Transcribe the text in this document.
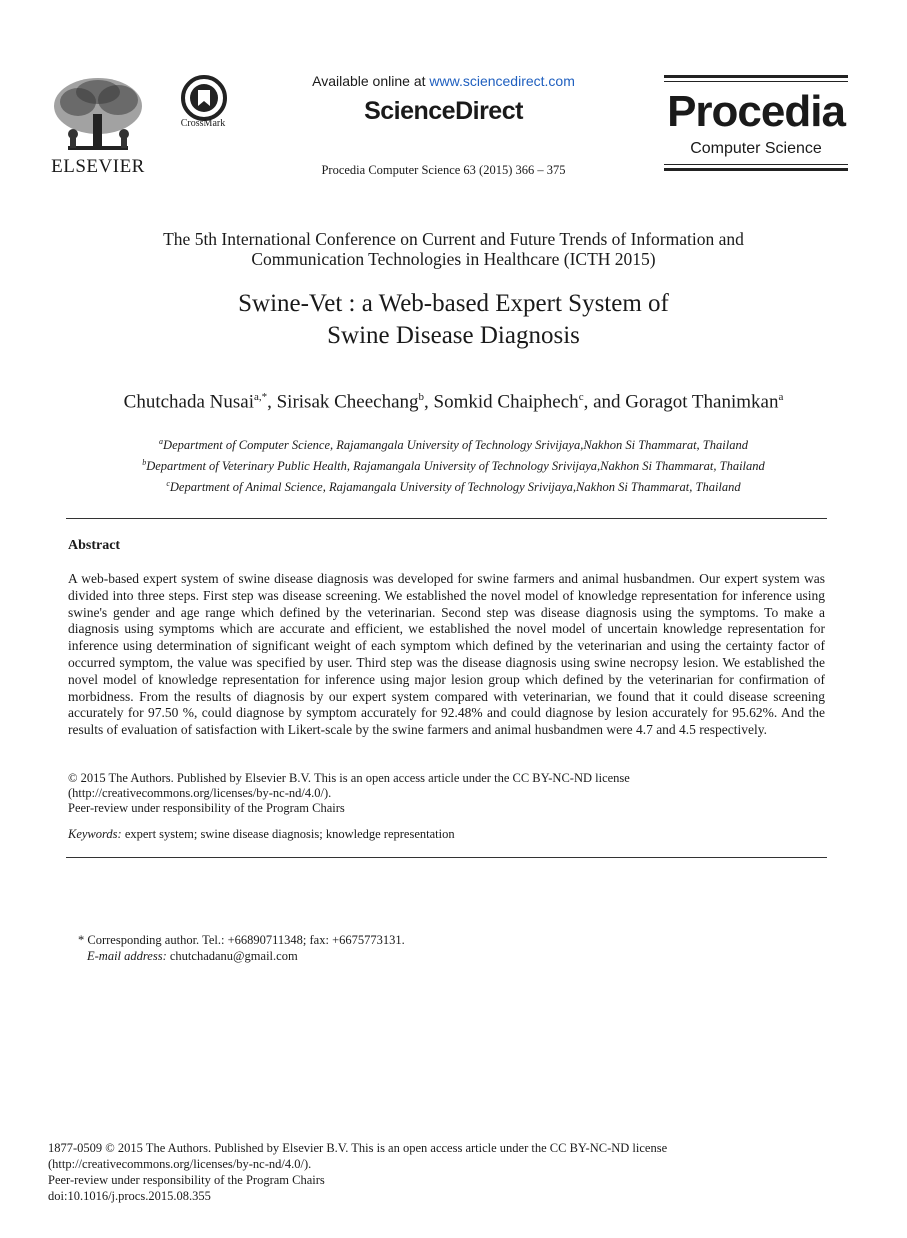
ELSEVIER
CrossMark
Available online at www.sciencedirect.com
ScienceDirect
Procedia Computer Science 63 (2015) 366 – 375
Procedia
Computer Science
The 5th International Conference on Current and Future Trends of Information and
Communication Technologies in Healthcare (ICTH 2015)
Swine-Vet : a Web-based Expert System of
Swine Disease Diagnosis
Chutchada Nusai$^{a,*}$, Sirisak Cheechang$^b$, Somkid Chaiphech$^c$, and Goragot Thanimkan$^a$
$^a$Department of Computer Science, Rajamangala University of Technology Srivijaya,Nakhon Si Thammarat, Thailand
$^b$Department of Veterinary Public Health, Rajamangala University of Technology Srivijaya,Nakhon Si Thammarat, Thailand
$^c$Department of Animal Science, Rajamangala University of Technology Srivijaya,Nakhon Si Thammarat, Thailand
Abstract
A web-based expert system of swine disease diagnosis was developed for swine farmers and animal husbandmen. Our expert system was divided into three steps. First step was disease screening. We established the novel model of knowledge representation for inference using swine's gender and age range which defined by the veterinarian. Second step was disease diagnosis using the symptoms. To make a diagnosis using symptoms which are accurate and efficient, we established the novel model of uncertain knowledge representation for inference using determination of significant weight of each symptom which defined by the veterinarian and using the certainty factor of occurred symptom, the value was specified by user. Third step was the disease diagnosis using swine necropsy lesion. We established the novel model of knowledge representation for inference using major lesion group which defined by the veterinarian for confirmation of morbidness. From the results of diagnosis by our expert system compared with veterinarian, we found that it could disease screening accurately for 97.50 %, could diagnose by symptom accurately for 92.48% and could diagnose by lesion accurately for 95.62%. And the results of evaluation of satisfaction with Likert-scale by the swine farmers and animal husbandmen were 4.7 and 4.5 respectively.
© 2015 The Authors. Published by Elsevier B.V. This is an open access article under the CC BY-NC-ND license
(http://creativecommons.org/licenses/by-nc-nd/4.0/).
Peer-review under responsibility of the Program Chairs
Keywords: expert system; swine disease diagnosis; knowledge representation
* Corresponding author. Tel.: +66890711348; fax: +6675773131.
E-mail address: chutchadanu@gmail.com
1877-0509 © 2015 The Authors. Published by Elsevier B.V. This is an open access article under the CC BY-NC-ND license
(http://creativecommons.org/licenses/by-nc-nd/4.0/).
Peer-review under responsibility of the Program Chairs
doi:10.1016/j.procs.2015.08.355
